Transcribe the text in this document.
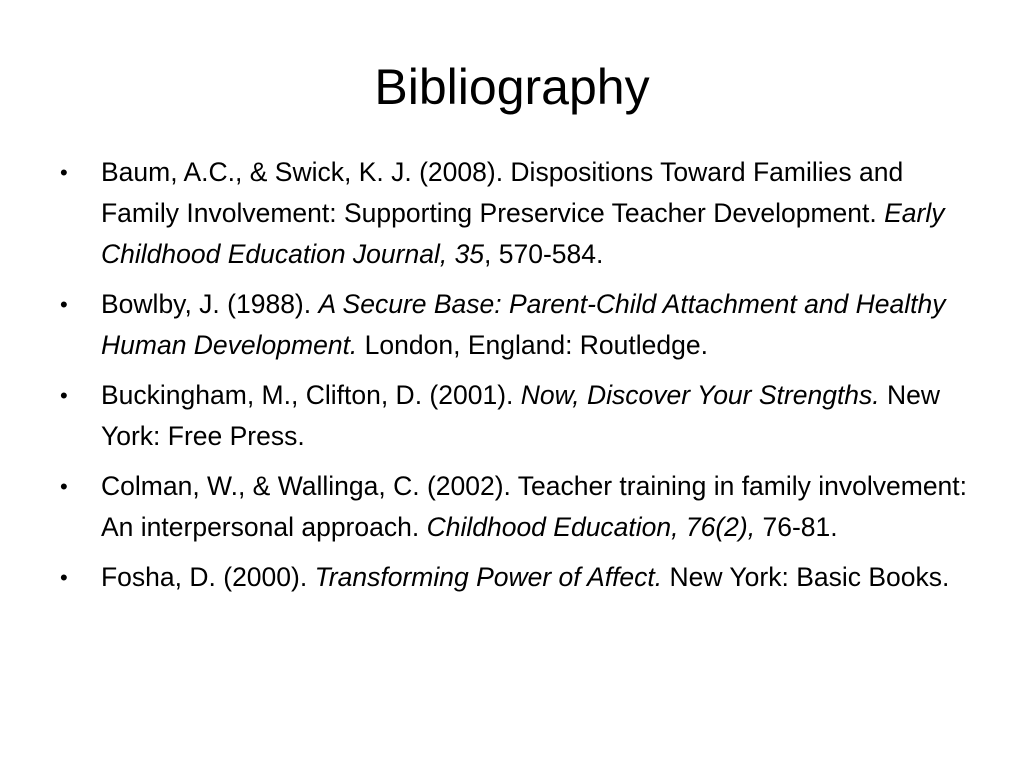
Bibliography
• Baum, A.C., & Swick, K. J. (2008). Dispositions Toward Families and Family Involvement: Supporting Preservice Teacher Development. Early Childhood Education Journal, 35, 570-584.
• Bowlby, J. (1988). A Secure Base: Parent-Child Attachment and Healthy Human Development. London, England: Routledge.
• Buckingham, M., Clifton, D. (2001). Now, Discover Your Strengths. New York: Free Press.
• Colman, W., & Wallinga, C. (2002). Teacher training in family involvement: An interpersonal approach. Childhood Education, 76(2), 76-81.
• Fosha, D. (2000). Transforming Power of Affect. New York: Basic Books.
